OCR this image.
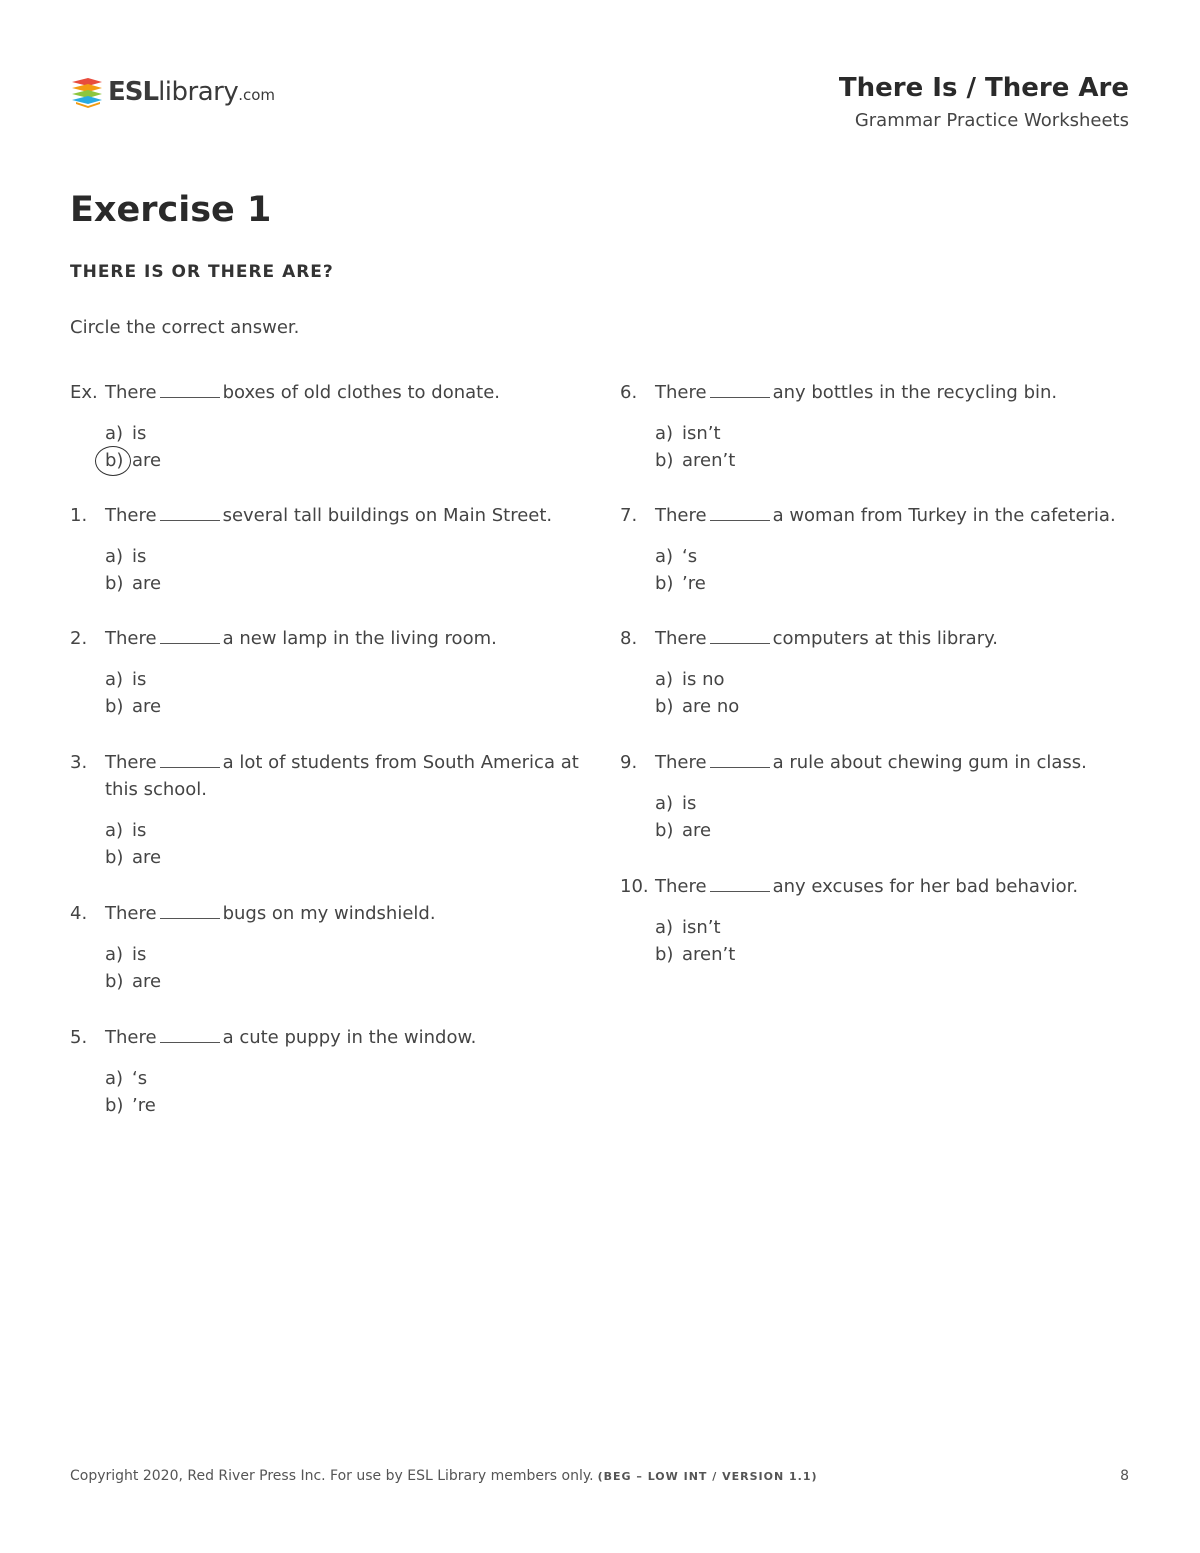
ESLlibrary.com	There Is / There Are
Grammar Practice Worksheets
Exercise 1
THERE IS OR THERE ARE?
Circle the correct answer.
Ex. There	boxes of old clothes to donate.
a) is
b) are
1. There	several tall buildings on Main Street.
a) is
b) are
2. There	a new lamp in the living room.
a) is
b) are
3. There	a lot of students from South America at this school.
a) is
b) are
4. There	bugs on my windshield.
a) is
b) are
5. There	a cute puppy in the window.
a) ‘s
b) ’re
6. There	any bottles in the recycling bin.
a) isn’t
b) aren’t
7. There	a woman from Turkey in the cafeteria.
a) ‘s
b) ’re
8. There	computers at this library.
a) is no
b) are no
9. There	a rule about chewing gum in class.
a) is
b) are
10. There	any excuses for her bad behavior.
a) isn’t
b) aren’t
Copyright 2020, Red River Press Inc. For use by ESL Library members only. (BEG – LOW INT / VERSION 1.1)	8
